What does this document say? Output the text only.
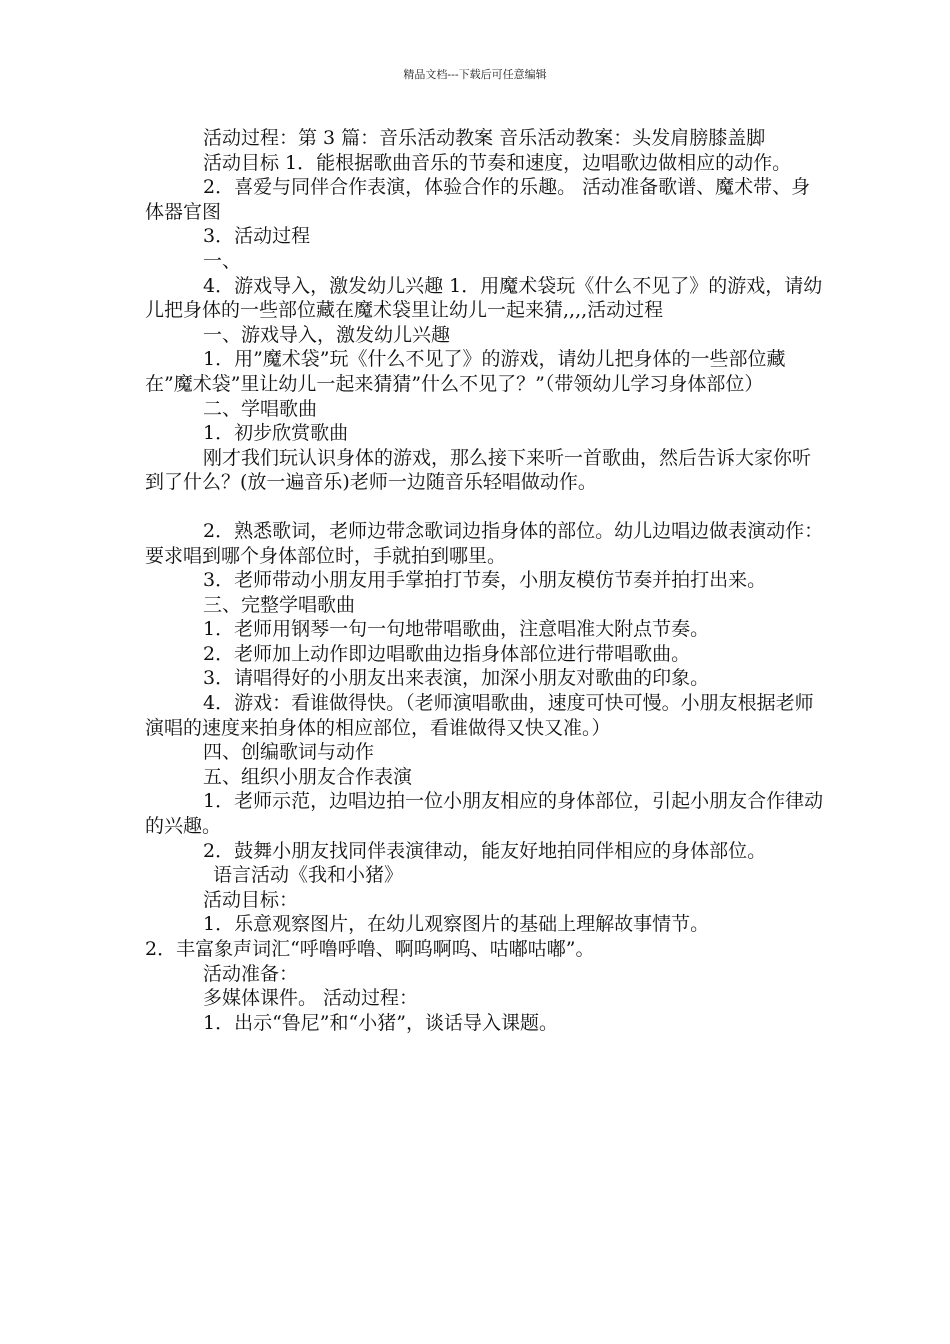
精品文档---下载后可任意编辑

活动过程：第 3 篇：音乐活动教案 音乐活动教案：头发肩膀膝盖脚

活动目标 1．能根据歌曲音乐的节奏和速度，边唱歌边做相应的动作。

2．喜爱与同伴合作表演，体验合作的乐趣。 活动准备歌谱、魔术带、身体器官图

3．活动过程

一、

4．游戏导入，激发幼儿兴趣 1．用魔术袋玩《什么不见了》的游戏，请幼儿把身体的一些部位藏在魔术袋里让幼儿一起来猜,,,,活动过程

一、游戏导入，激发幼儿兴趣

1．用”魔术袋”玩《什么不见了》的游戏，请幼儿把身体的一些部位藏在”魔术袋”里让幼儿一起来猜猜”什么不见了？”（带领幼儿学习身体部位）

二、学唱歌曲

1．初步欣赏歌曲

刚才我们玩认识身体的游戏，那么接下来听一首歌曲，然后告诉大家你听到了什么？(放一遍音乐)老师一边随音乐轻唱做动作。

2．熟悉歌词，老师边带念歌词边指身体的部位。幼儿边唱边做表演动作：要求唱到哪个身体部位时，手就拍到哪里。

3．老师带动小朋友用手掌拍打节奏，小朋友模仿节奏并拍打出来。

三、完整学唱歌曲

1．老师用钢琴一句一句地带唱歌曲，注意唱准大附点节奏。

2．老师加上动作即边唱歌曲边指身体部位进行带唱歌曲。

3．请唱得好的小朋友出来表演，加深小朋友对歌曲的印象。

4．游戏：看谁做得快。（老师演唱歌曲，速度可快可慢。小朋友根据老师演唱的速度来拍身体的相应部位，看谁做得又快又准。）

四、创编歌词与动作

五、组织小朋友合作表演

1．老师示范，边唱边拍一位小朋友相应的身体部位，引起小朋友合作律动的兴趣。

2．鼓舞小朋友找同伴表演律动，能友好地拍同伴相应的身体部位。

语言活动《我和小猪》

活动目标：

1．乐意观察图片，在幼儿观察图片的基础上理解故事情节。

2．丰富象声词汇“呼噜呼噜、啊呜啊呜、咕嘟咕嘟”。

活动准备：

多媒体课件。 活动过程：

1．出示“鲁尼”和“小猪”，谈话导入课题。
